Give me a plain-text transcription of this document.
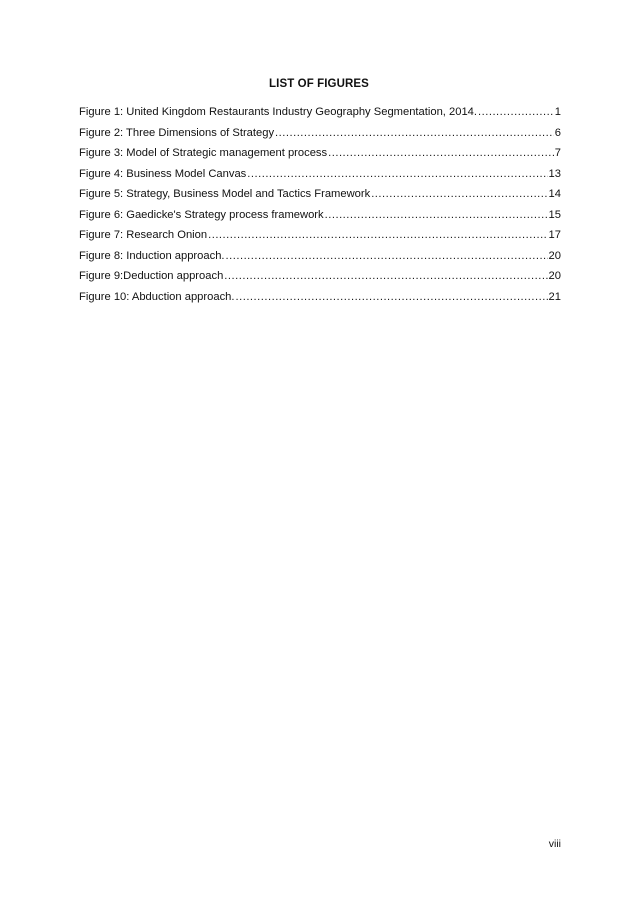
LIST OF FIGURES
Figure 1: United Kingdom Restaurants Industry Geography Segmentation, 2014. .....	1
Figure 2: Three Dimensions of Strategy .....	6
Figure 3: Model of Strategic management process .....	7
Figure 4: Business Model Canvas .....	13
Figure 5: Strategy, Business Model and Tactics Framework .....	14
Figure 6: Gaedicke's Strategy process framework .....	15
Figure 7: Research Onion .....	17
Figure 8: Induction approach. .....	20
Figure 9:Deduction approach .....	20
Figure 10: Abduction approach. .....	21
viii
